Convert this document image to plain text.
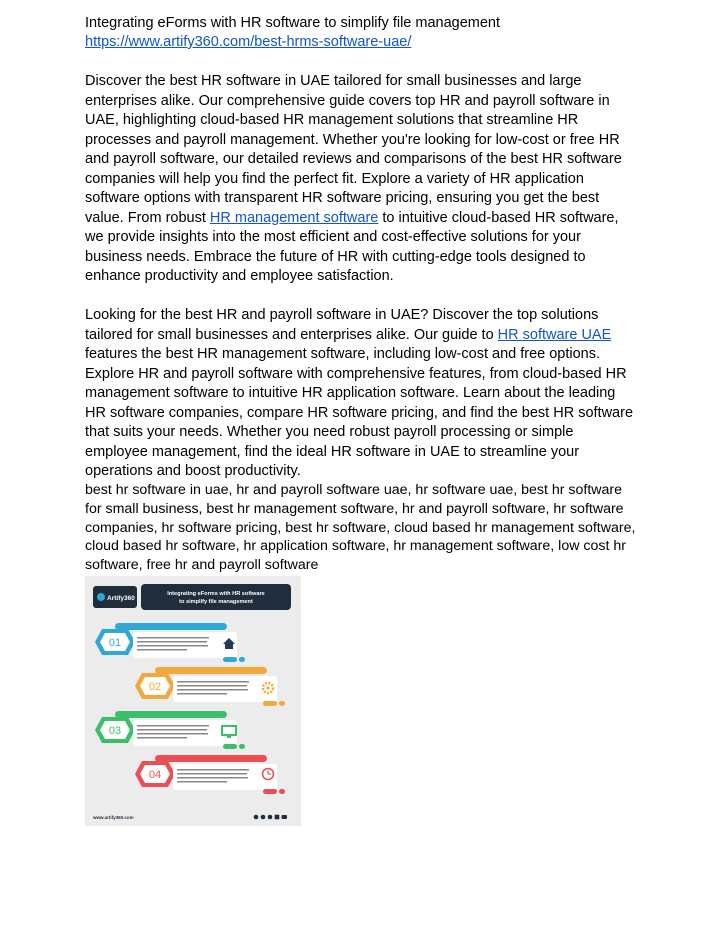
Integrating eForms with HR software to simplify file management
https://www.artify360.com/best-hrms-software-uae/

Discover the best HR software in UAE tailored for small businesses and large enterprises alike. Our comprehensive guide covers top HR and payroll software in UAE, highlighting cloud-based HR management solutions that streamline HR processes and payroll management. Whether you're looking for low-cost or free HR and payroll software, our detailed reviews and comparisons of the best HR software companies will help you find the perfect fit. Explore a variety of HR application software options with transparent HR software pricing, ensuring you get the best value. From robust HR management software to intuitive cloud-based HR software, we provide insights into the most efficient and cost-effective solutions for your business needs. Embrace the future of HR with cutting-edge tools designed to enhance productivity and employee satisfaction.

Looking for the best HR and payroll software in UAE? Discover the top solutions tailored for small businesses and enterprises alike. Our guide to HR software UAE features the best HR management software, including low-cost and free options. Explore HR and payroll software with comprehensive features, from cloud-based HR management software to intuitive HR application software. Learn about the leading HR software companies, compare HR software pricing, and find the best HR software that suits your needs. Whether you need robust payroll processing or simple employee management, find the ideal HR software in UAE to streamline your operations and boost productivity.

best hr software in uae, hr and payroll software uae, hr software uae, best hr software for small business, best hr management software, hr and payroll software, hr software companies, hr software pricing, best hr software, cloud based hr management software, cloud based hr software, hr application software, hr management software, low cost hr software, free hr and payroll software

Artify360
Integrating eForms with HR software
to simplify file management
01
02
03
04
www.artify360.com
